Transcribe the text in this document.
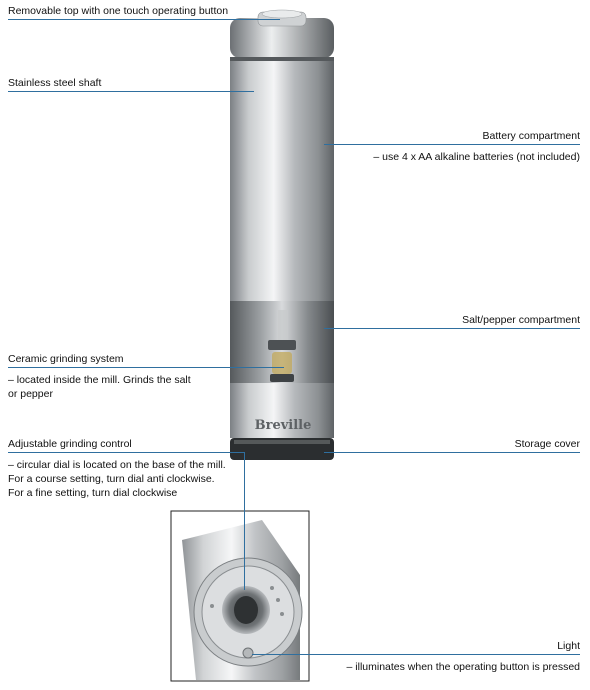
Breville
Removable top with one touch operating button
Stainless steel shaft
Battery compartment
– use 4 x AA alkaline batteries (not included)
Salt/pepper compartment
Ceramic grinding system
– located inside the mill. Grinds the salt
or pepper
Adjustable grinding control
– circular dial is located on the base of the mill.
For a course setting, turn dial anti clockwise.
For a fine setting, turn dial clockwise
Storage cover
Light
– illuminates when the operating button is pressed
